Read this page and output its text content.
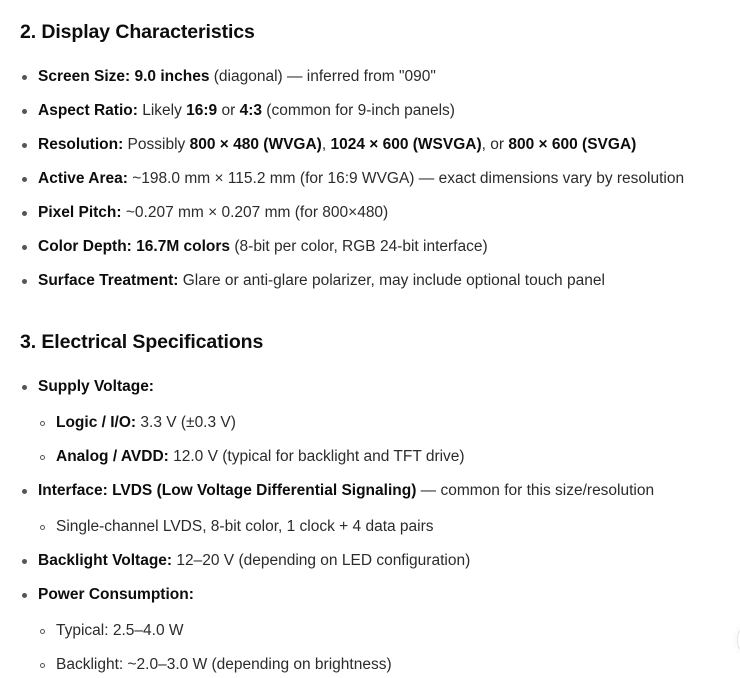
2. Display Characteristics
Screen Size: 9.0 inches (diagonal) — inferred from "090"
Aspect Ratio: Likely 16:9 or 4:3 (common for 9-inch panels)
Resolution: Possibly 800 × 480 (WVGA), 1024 × 600 (WSVGA), or 800 × 600 (SVGA)
Active Area: ~198.0 mm × 115.2 mm (for 16:9 WVGA) — exact dimensions vary by resolution
Pixel Pitch: ~0.207 mm × 0.207 mm (for 800×480)
Color Depth: 16.7M colors (8-bit per color, RGB 24-bit interface)
Surface Treatment: Glare or anti-glare polarizer, may include optional touch panel
3. Electrical Specifications
Supply Voltage:
Logic / I/O: 3.3 V (±0.3 V)
Analog / AVDD: 12.0 V (typical for backlight and TFT drive)
Interface: LVDS (Low Voltage Differential Signaling) — common for this size/resolution
Single-channel LVDS, 8-bit color, 1 clock + 4 data pairs
Backlight Voltage: 12–20 V (depending on LED configuration)
Power Consumption:
Typical: 2.5–4.0 W
Backlight: ~2.0–3.0 W (depending on brightness)
